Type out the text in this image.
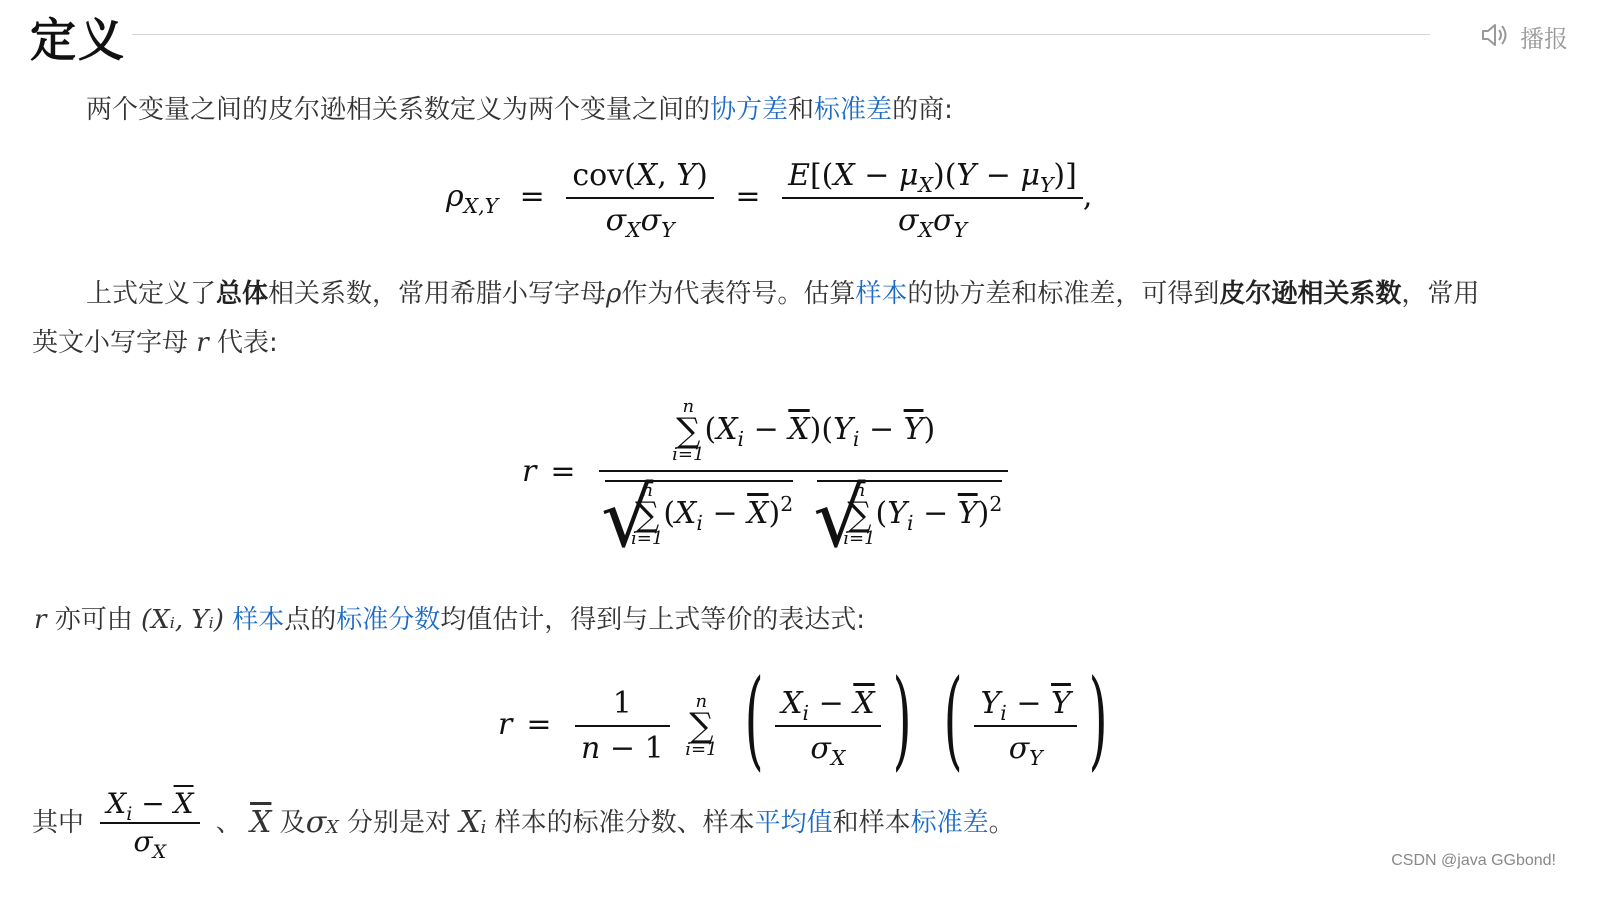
定义	播报
两个变量之间的皮尔逊相关系数定义为两个变量之间的协方差和标准差的商:
$\rho_{X,Y} = \frac{\text{cov(X, Y)}}{\sigma_X\sigma_Y} = \frac{E[(X - \mu_X)(Y - \mu_Y)]}{\sigma_X\sigma_Y}$ ,
上式定义了总体相关系数，常用希腊小写字母ρ作为代表符号。估算样本的协方差和标准差，可得到皮尔逊相关系数，常用
英文小写字母 r 代表:
r = n
∑
i=1
$(X_i - \overline{X})(Y_i - \overline{Y})$
√ n
∑
i=1
$(X_i - \overline{X})^2$
√ n
∑
i=1
$(Y_i - \overline{Y})^2$
r 亦可由 (Xᵢ, Yᵢ) 样本点的标准分数均值估计，得到与上式等价的表达式:
$r = \frac{1}{n - 1}$
	n
∑
i=1 ( $\frac{X_i - \overline{X}}{\sigma_X}$ ) ( $\frac{Y_i - \overline{Y}}{\sigma_Y}$ )
其中 $\frac{X_i - \overline{X}}{\sigma_X}$ 、 $\overline{X}$ 及$\sigma_X$ 分别是对 $X_i$ 样本的标准分数、样本平均值和样本标准差。
CSDN @java GGbond!
